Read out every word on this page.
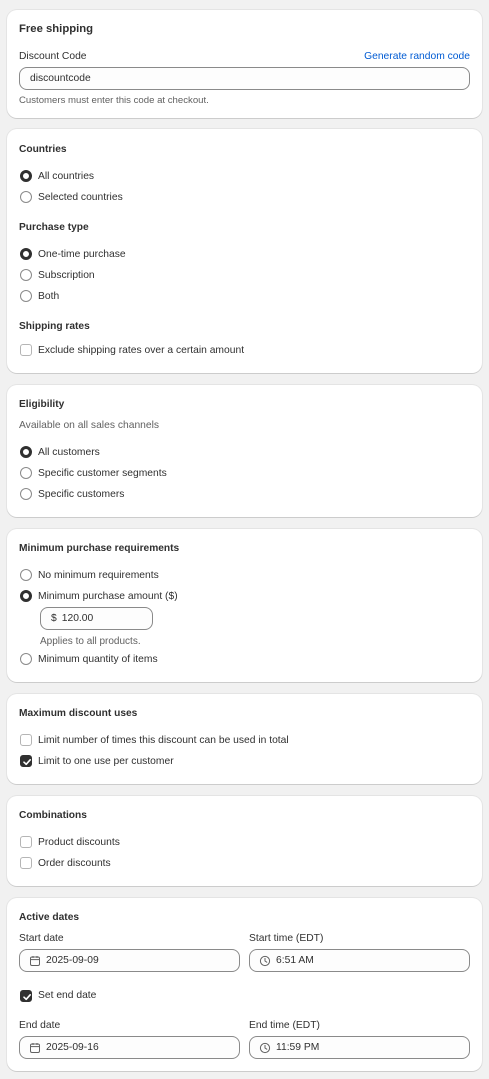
Free shipping
Discount Code	Generate random code
discountcode
Customers must enter this code at checkout.
Countries
All countries
Selected countries
Purchase type
One-time purchase
Subscription
Both
Shipping rates
Exclude shipping rates over a certain amount
Eligibility
Available on all sales channels
All customers
Specific customer segments
Specific customers
Minimum purchase requirements
No minimum requirements
Minimum purchase amount ($)
$ 120.00
Applies to all products.
Minimum quantity of items
Maximum discount uses
Limit number of times this discount can be used in total
Limit to one use per customer
Combinations
Product discounts
Order discounts
Active dates
Start date	Start time (EDT)
2025-09-09	6:51 AM
Set end date
End date	End time (EDT)
2025-09-16	11:59 PM
